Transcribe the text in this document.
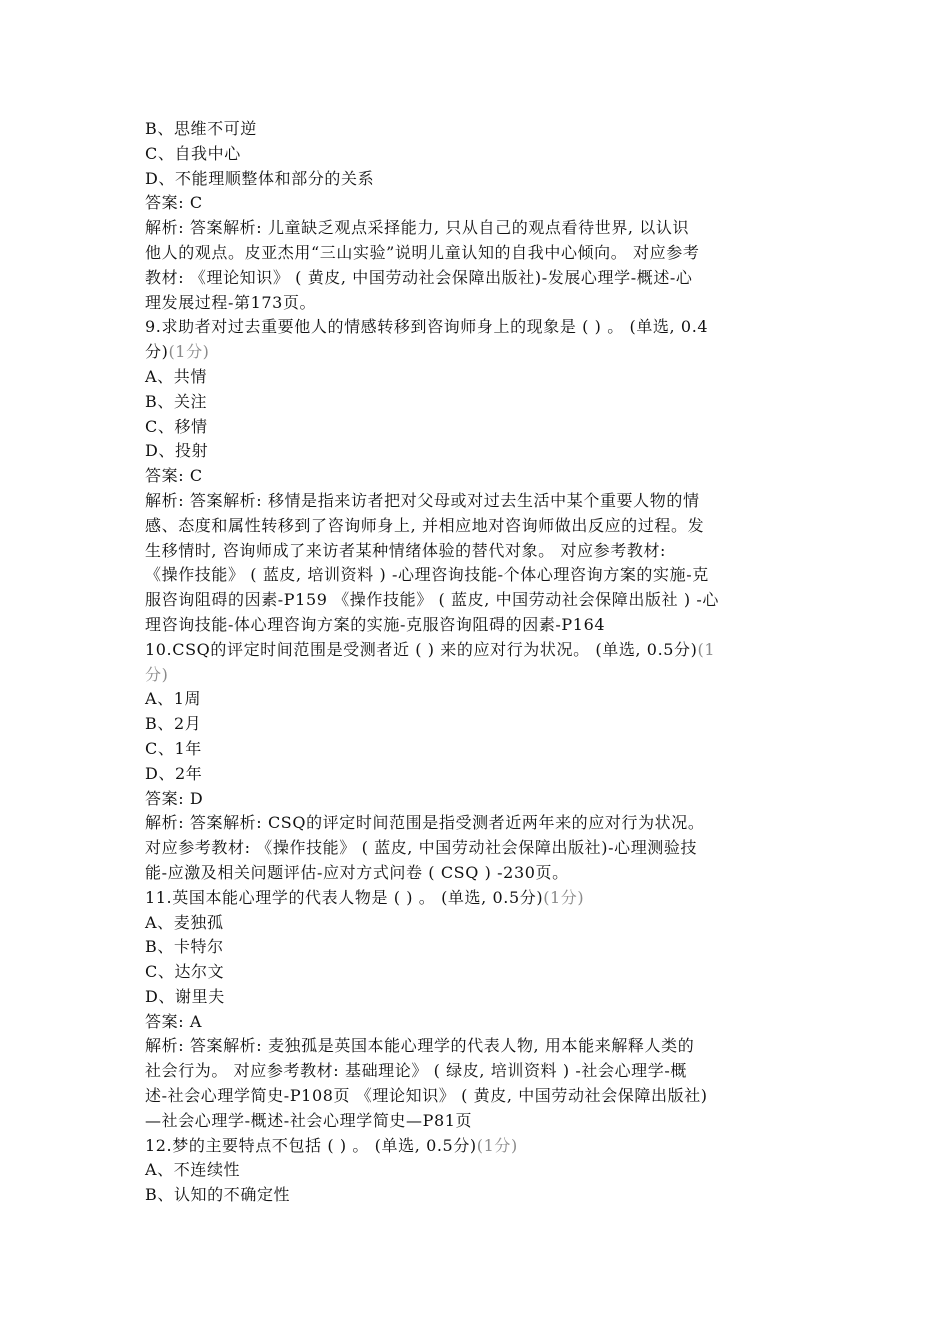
B、思维不可逆
C、自我中心
D、不能理顺整体和部分的关系
答案: C
解析: 答案解析: 儿童缺乏观点采择能力, 只从自己的观点看待世界, 以认识
他人的观点。皮亚杰用“三山实验”说明儿童认知的自我中心倾向。 对应参考
教材: 《理论知识》 ( 黄皮, 中国劳动社会保障出版社)-发展心理学-概述-心
理发展过程-第173页。
9.求助者对过去重要他人的情感转移到咨询师身上的现象是 ( ) 。 (单选, 0.4
分)(1分)
A、共情
B、关注
C、移情
D、投射
答案: C
解析: 答案解析: 移情是指来访者把对父母或对过去生活中某个重要人物的情
感、态度和属性转移到了咨询师身上, 并相应地对咨询师做出反应的过程。发
生移情时, 咨询师成了来访者某种情绪体验的替代对象。 对应参考教材:
《操作技能》 ( 蓝皮, 培训资料 ) -心理咨询技能-个体心理咨询方案的实施-克
服咨询阻碍的因素-P159 《操作技能》 ( 蓝皮, 中国劳动社会保障出版社 ) -心
理咨询技能-体心理咨询方案的实施-克服咨询阻碍的因素-P164
10.CSQ的评定时间范围是受测者近 ( ) 来的应对行为状况。 (单选, 0.5分)(1
分)
A、1周
B、2月
C、1年
D、2年
答案: D
解析: 答案解析: CSQ的评定时间范围是指受测者近两年来的应对行为状况。
对应参考教材: 《操作技能》 ( 蓝皮, 中国劳动社会保障出版社)-心理测验技
能-应激及相关问题评估-应对方式问卷 ( CSQ ) -230页。
11.英国本能心理学的代表人物是 ( ) 。 (单选, 0.5分)(1分)
A、麦独孤
B、卡特尔
C、达尔文
D、谢里夫
答案: A
解析: 答案解析: 麦独孤是英国本能心理学的代表人物, 用本能来解释人类的
社会行为。 对应参考教材: 基础理论》 ( 绿皮, 培训资料 ) -社会心理学-概
述-社会心理学简史-P108页 《理论知识》 ( 黄皮, 中国劳动社会保障出版社)
—社会心理学-概述-社会心理学简史—P81页
12.梦的主要特点不包括 ( ) 。 (单选, 0.5分)(1分)
A、不连续性
B、认知的不确定性
